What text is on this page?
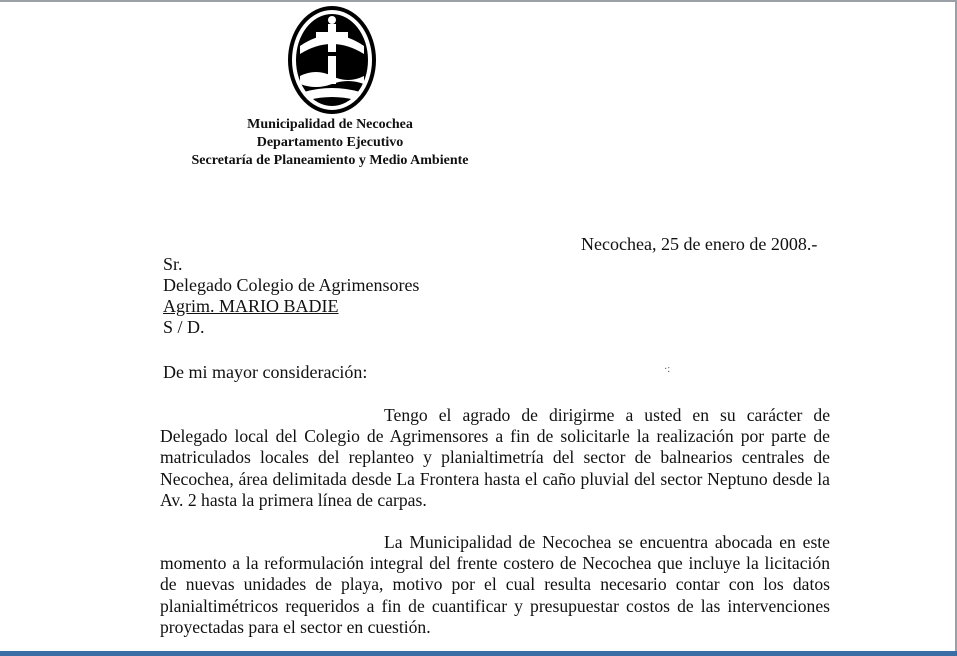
Municipalidad de Necochea
Departamento Ejecutivo
Secretaría de Planeamiento y Medio Ambiente
Necochea, 25 de enero de 2008.-
Sr.
Delegado Colegio de Agrimensores
Agrim. MARIO BADIE
S / D.
De mi mayor consideración:	·:
Tengo el agrado de dirigirme a usted en su carácter de Delegado local del Colegio de Agrimensores a fin de solicitarle la realización por parte de matriculados locales del replanteo y planialtimetría del sector de balnearios centrales de Necochea, área delimitada desde La Frontera hasta el caño pluvial del sector Neptuno desde la Av. 2 hasta la primera línea de carpas.
La Municipalidad de Necochea se encuentra abocada en este momento a la reformulación integral del frente costero de Necochea que incluye la licitación de nuevas unidades de playa, motivo por el cual resulta necesario contar con los datos planialtimétricos requeridos a fin de cuantificar y presupuestar costos de las intervenciones proyectadas para el sector en cuestión.
